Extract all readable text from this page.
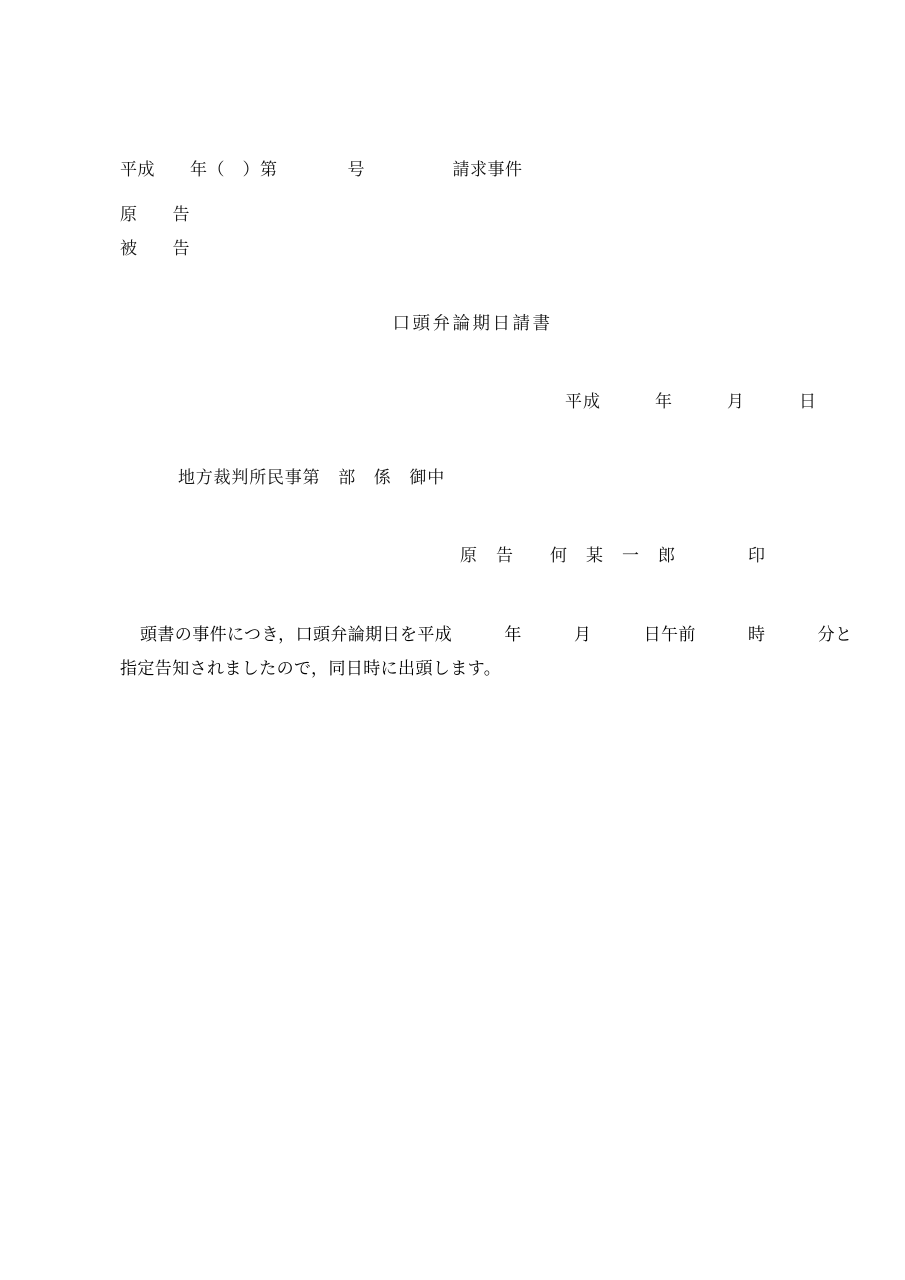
平成　　年（　）第　　　　号　　　　　請求事件
原　　告
被　　告
口頭弁論期日請書
平成　　　年　　　月　　　日
地方裁判所民事第　部　係　御中
原　告　　何　某　一　郎　　　　印
頭書の事件につき，口頭弁論期日を平成　　　年　　　月　　　日午前　　　時　　　分と
指定告知されましたので，同日時に出頭します。
